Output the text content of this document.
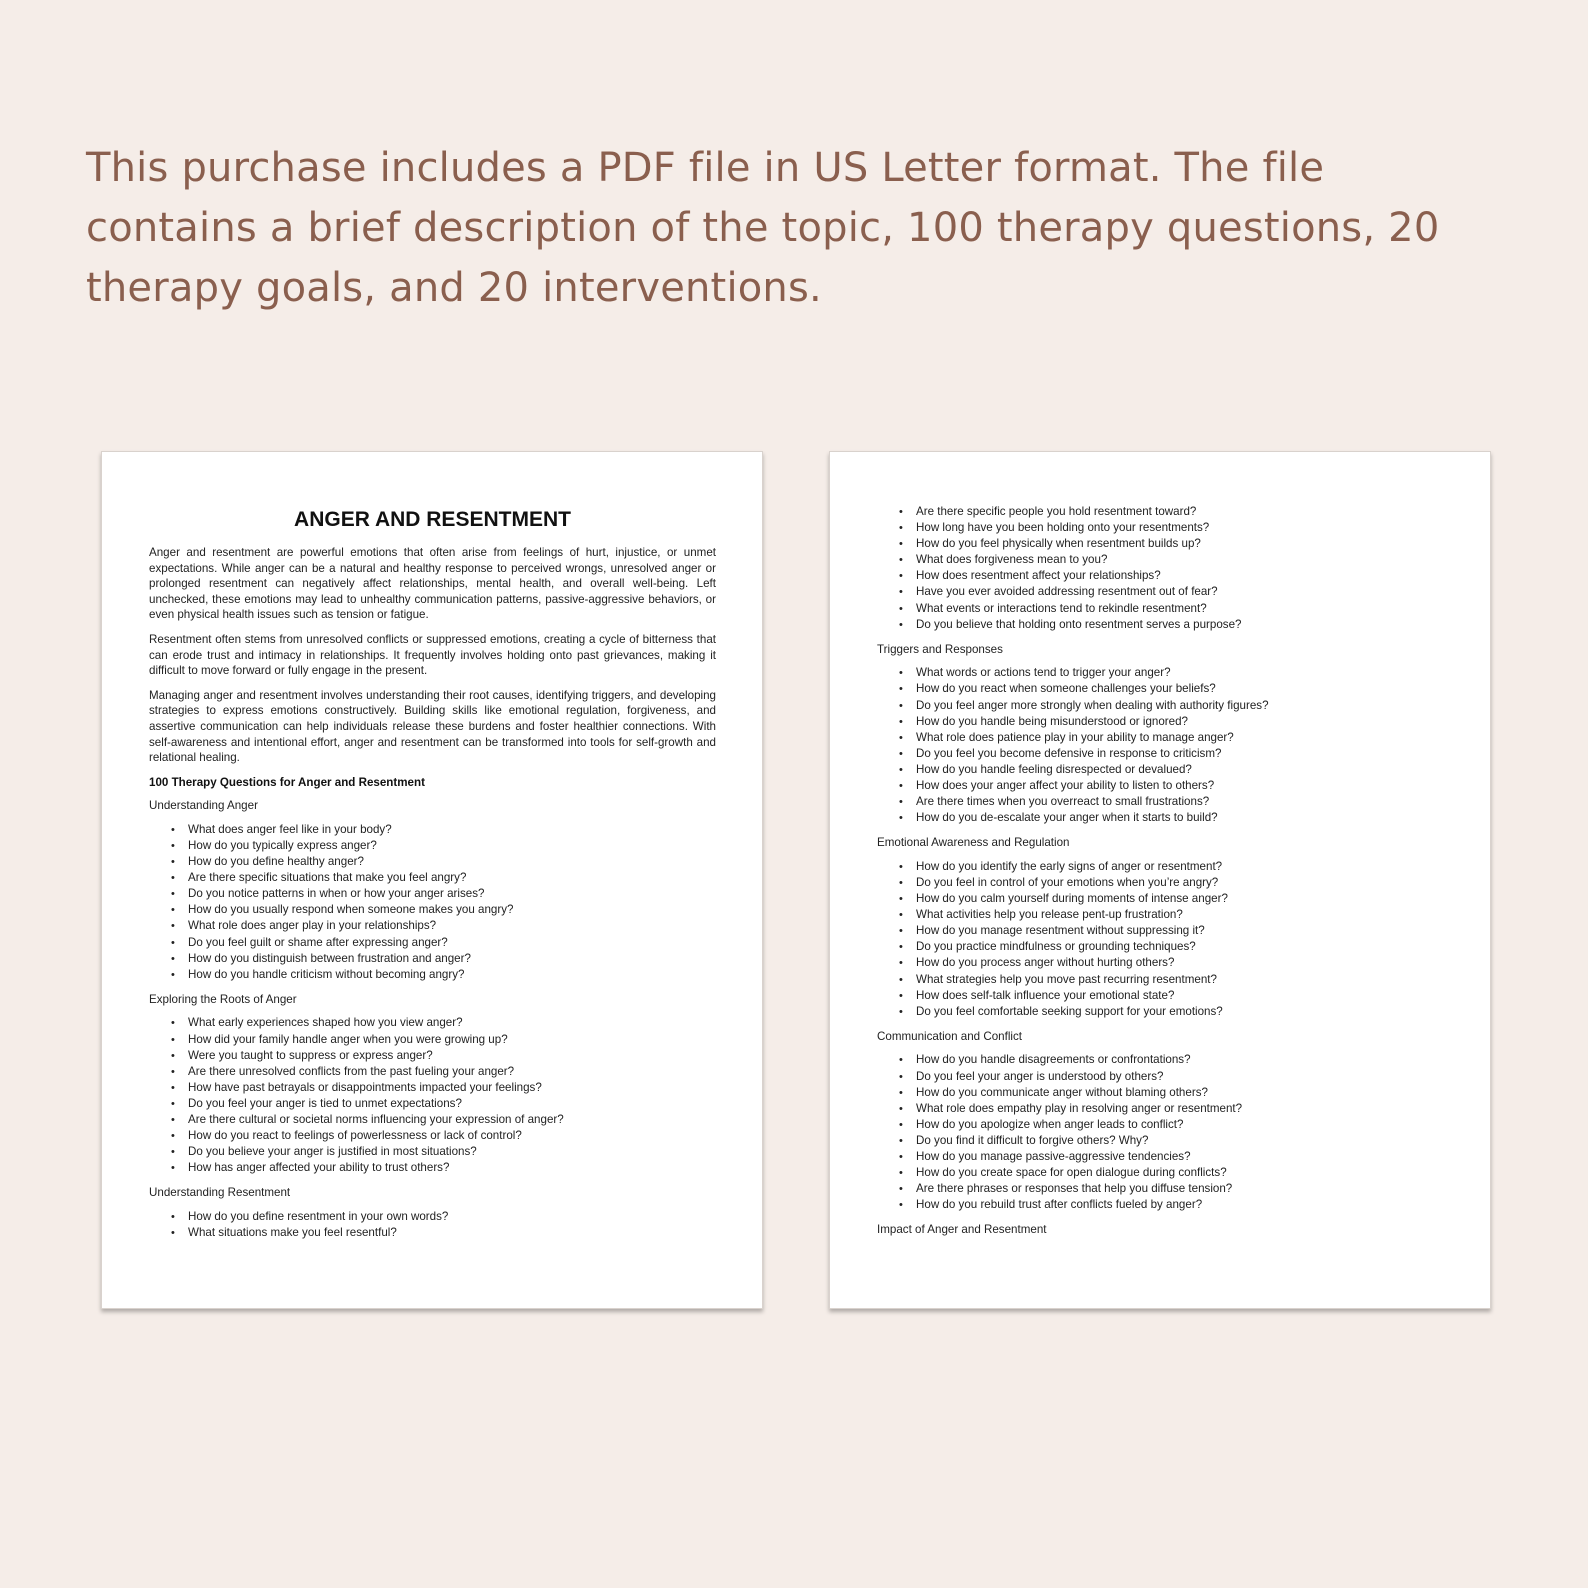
This purchase includes a PDF file in US Letter format. The file contains a brief description of the topic, 100 therapy questions, 20 therapy goals, and 20 interventions.

ANGER AND RESENTMENT

Anger and resentment are powerful emotions that often arise from feelings of hurt, injustice, or unmet expectations. While anger can be a natural and healthy response to perceived wrongs, unresolved anger or prolonged resentment can negatively affect relationships, mental health, and overall well-being. Left unchecked, these emotions may lead to unhealthy communication patterns, passive-aggressive behaviors, or even physical health issues such as tension or fatigue.

Resentment often stems from unresolved conflicts or suppressed emotions, creating a cycle of bitterness that can erode trust and intimacy in relationships. It frequently involves holding onto past grievances, making it difficult to move forward or fully engage in the present.

Managing anger and resentment involves understanding their root causes, identifying triggers, and developing strategies to express emotions constructively. Building skills like emotional regulation, forgiveness, and assertive communication can help individuals release these burdens and foster healthier connections. With self-awareness and intentional effort, anger and resentment can be transformed into tools for self-growth and relational healing.

100 Therapy Questions for Anger and Resentment
Understanding Anger
• What does anger feel like in your body?
• How do you typically express anger?
• How do you define healthy anger?
• Are there specific situations that make you feel angry?
• Do you notice patterns in when or how your anger arises?
• How do you usually respond when someone makes you angry?
• What role does anger play in your relationships?
• Do you feel guilt or shame after expressing anger?
• How do you distinguish between frustration and anger?
• How do you handle criticism without becoming angry?
Exploring the Roots of Anger
• What early experiences shaped how you view anger?
• How did your family handle anger when you were growing up?
• Were you taught to suppress or express anger?
• Are there unresolved conflicts from the past fueling your anger?
• How have past betrayals or disappointments impacted your feelings?
• Do you feel your anger is tied to unmet expectations?
• Are there cultural or societal norms influencing your expression of anger?
• How do you react to feelings of powerlessness or lack of control?
• Do you believe your anger is justified in most situations?
• How has anger affected your ability to trust others?
Understanding Resentment
• How do you define resentment in your own words?
• What situations make you feel resentful?
• Are there specific people you hold resentment toward?
• How long have you been holding onto your resentments?
• How do you feel physically when resentment builds up?
• What does forgiveness mean to you?
• How does resentment affect your relationships?
• Have you ever avoided addressing resentment out of fear?
• What events or interactions tend to rekindle resentment?
• Do you believe that holding onto resentment serves a purpose?
Triggers and Responses
• What words or actions tend to trigger your anger?
• How do you react when someone challenges your beliefs?
• Do you feel anger more strongly when dealing with authority figures?
• How do you handle being misunderstood or ignored?
• What role does patience play in your ability to manage anger?
• Do you feel you become defensive in response to criticism?
• How do you handle feeling disrespected or devalued?
• How does your anger affect your ability to listen to others?
• Are there times when you overreact to small frustrations?
• How do you de-escalate your anger when it starts to build?
Emotional Awareness and Regulation
• How do you identify the early signs of anger or resentment?
• Do you feel in control of your emotions when you’re angry?
• How do you calm yourself during moments of intense anger?
• What activities help you release pent-up frustration?
• How do you manage resentment without suppressing it?
• Do you practice mindfulness or grounding techniques?
• How do you process anger without hurting others?
• What strategies help you move past recurring resentment?
• How does self-talk influence your emotional state?
• Do you feel comfortable seeking support for your emotions?
Communication and Conflict
• How do you handle disagreements or confrontations?
• Do you feel your anger is understood by others?
• How do you communicate anger without blaming others?
• What role does empathy play in resolving anger or resentment?
• How do you apologize when anger leads to conflict?
• Do you find it difficult to forgive others? Why?
• How do you manage passive-aggressive tendencies?
• How do you create space for open dialogue during conflicts?
• Are there phrases or responses that help you diffuse tension?
• How do you rebuild trust after conflicts fueled by anger?
Impact of Anger and Resentment
